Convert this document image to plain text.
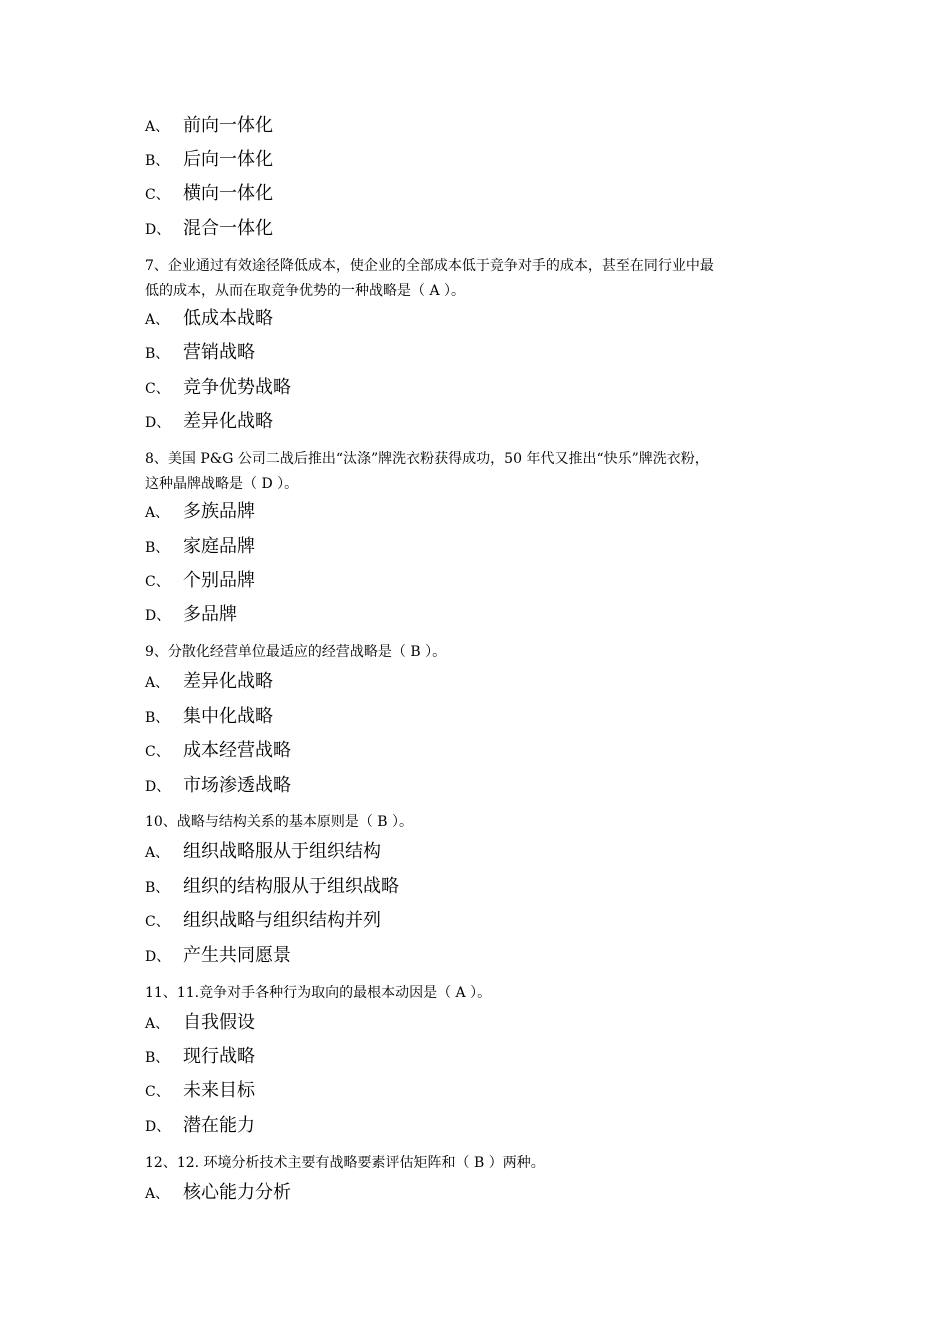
A、 前向一体化
B、 后向一体化
C、 横向一体化
D、 混合一体化
7、企业通过有效途径降低成本，使企业的全部成本低于竞争对手的成本，甚至在同行业中最
低的成本，从而在取竞争优势的一种战略是（ A ）。
A、 低成本战略
B、 营销战略
C、 竞争优势战略
D、 差异化战略
8、美国 P&G 公司二战后推出“汰涤”牌洗衣粉获得成功，50 年代又推出“快乐”牌洗衣粉，
这种晶牌战略是（ D ）。
A、 多族品牌
B、 家庭品牌
C、 个别品牌
D、 多品牌
9、分散化经营单位最适应的经营战略是（ B ）。
A、 差异化战略
B、 集中化战略
C、 成本经营战略
D、 市场渗透战略
10、战略与结构关系的基本原则是（ B ）。
A、 组织战略服从于组织结构
B、 组织的结构服从于组织战略
C、 组织战略与组织结构并列
D、 产生共同愿景
11、11.竞争对手各种行为取向的最根本动因是（ A ）。
A、 自我假设
B、 现行战略
C、 未来目标
D、 潜在能力
12、12. 环境分析技术主要有战略要素评估矩阵和（ B ）两种。
A、 核心能力分析
